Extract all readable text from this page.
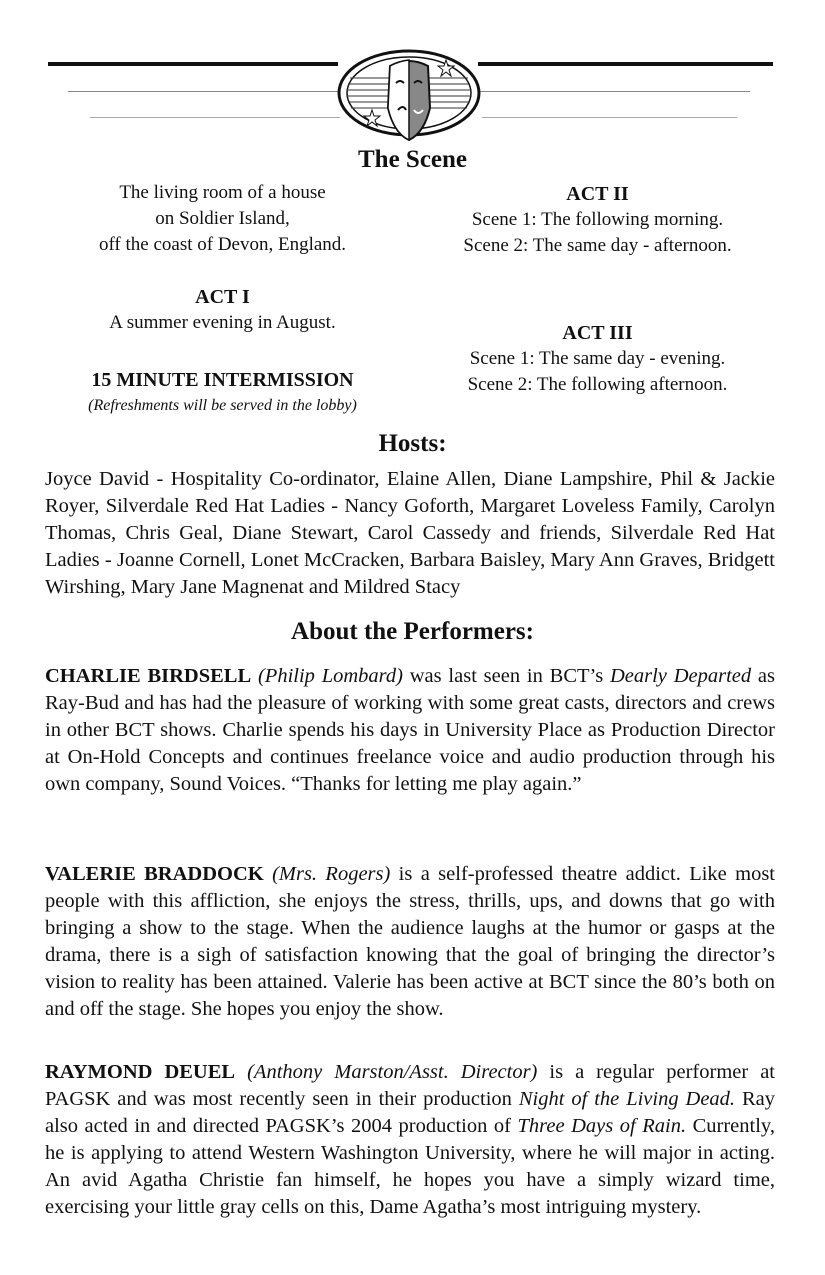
The Scene
The living room of a house
on Soldier Island,
off the coast of Devon, England.
ACT I
A summer evening in August.
15 MINUTE INTERMISSION
(Refreshments will be served in the lobby)
ACT II
Scene 1: The following morning.
Scene 2: The same day - afternoon.
ACT III
Scene 1: The same day - evening.
Scene 2: The following afternoon.
Hosts:
Joyce David - Hospitality Co-ordinator, Elaine Allen, Diane Lampshire, Phil & Jackie Royer, Silverdale Red Hat Ladies - Nancy Goforth, Margaret Loveless Family, Carolyn Thomas, Chris Geal, Diane Stewart, Carol Cassedy and friends, Silverdale Red Hat Ladies - Joanne Cornell, Lonet McCracken, Barbara Baisley, Mary Ann Graves, Bridgett Wirshing, Mary Jane Magnenat and Mildred Stacy
About the Performers:
CHARLIE BIRDSELL (Philip Lombard) was last seen in BCT’s Dearly Departed as Ray-Bud and has had the pleasure of working with some great casts, directors and crews in other BCT shows. Charlie spends his days in University Place as Production Director at On-Hold Concepts and continues freelance voice and audio production through his own company, Sound Voices. “Thanks for letting me play again.”
VALERIE BRADDOCK (Mrs. Rogers) is a self-professed theatre addict. Like most people with this affliction, she enjoys the stress, thrills, ups, and downs that go with bringing a show to the stage. When the audience laughs at the humor or gasps at the drama, there is a sigh of satisfaction knowing that the goal of bringing the director’s vision to reality has been attained. Valerie has been active at BCT since the 80’s both on and off the stage. She hopes you enjoy the show.
RAYMOND DEUEL (Anthony Marston/Asst. Director) is a regular performer at PAGSK and was most recently seen in their production Night of the Living Dead. Ray also acted in and directed PAGSK’s 2004 production of Three Days of Rain. Currently, he is applying to attend Western Washington University, where he will major in acting. An avid Agatha Christie fan himself, he hopes you have a simply wizard time, exercising your little gray cells on this, Dame Agatha’s most intriguing mystery.
